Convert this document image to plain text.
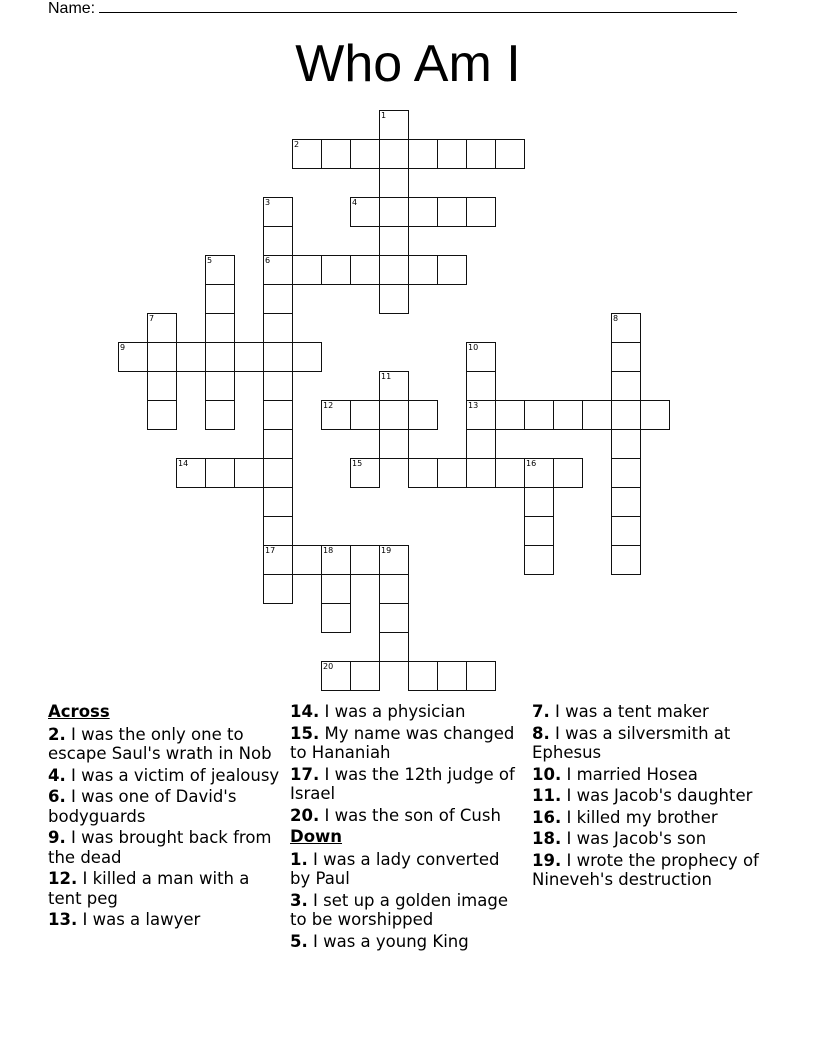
Name:
Who Am I
1
2
3	4
5	6
7	8
9	10
11
12	13
14	15	16
17	18	19
20
Across
2. I was the only one to escape Saul's wrath in Nob
4. I was a victim of jealousy
6. I was one of David's bodyguards
9. I was brought back from the dead
12. I killed a man with a tent peg
13. I was a lawyer
14. I was a physician
15. My name was changed to Hananiah
17. I was the 12th judge of Israel
20. I was the son of Cush
Down
1. I was a lady converted by Paul
3. I set up a golden image to be worshipped
5. I was a young King
7. I was a tent maker
8. I was a silversmith at Ephesus
10. I married Hosea
11. I was Jacob's daughter
16. I killed my brother
18. I was Jacob's son
19. I wrote the prophecy of Nineveh's destruction
